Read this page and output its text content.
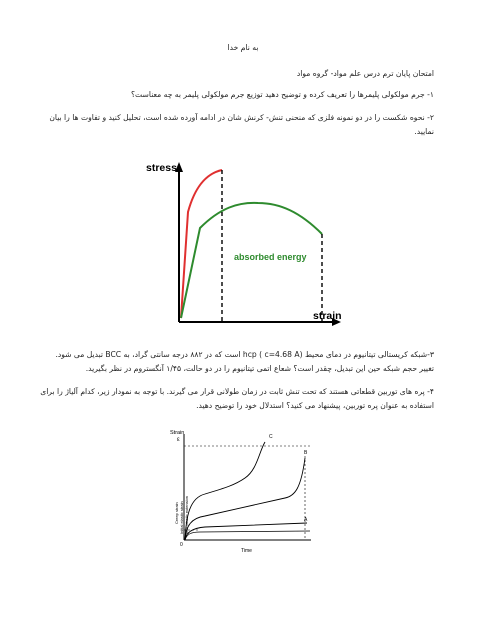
به نام خدا
امتحان پایان ترم درس علم مواد- گروه مواد
۱- جرم مولکولی پلیمرها را تعریف کرده و توضیح دهید توزیع جرم مولکولی پلیمر به چه معناست؟
۲- نحوه شکست را در دو نمونه فلزی که منحنی تنش- کرنش شان در ادامه آورده شده است، تحلیل کنید و تفاوت ها را بیان
نمایید.
stress
strain
absorbed energy
۳-شبکه کریستالی تیتانیوم در دمای محیط hcp ( c=4.68 A) است که در ۸۸۲ درجه سانتی گراد، به BCC تبدیل می شود.
تغییر حجم شبکه حین این تبدیل، چقدر است؟ شعاع اتمی تیتانیوم را در دو حالت، ۱/۴۵ آنگستروم در نظر بگیرید.
۴- پره های توربین قطعاتی هستند که تحت تنش ثابت در زمان طولانی قرار می گیرند. با توجه به نمودار زیر، کدام آلیاژ را برای
استفاده به عنوان پره توربین، پیشنهاد می کنید؟ استدلال خود را توضیح دهید.
Strain
ε
Creep strain Initial elastic strain plus plastic extension
C
B
A
0
Time
